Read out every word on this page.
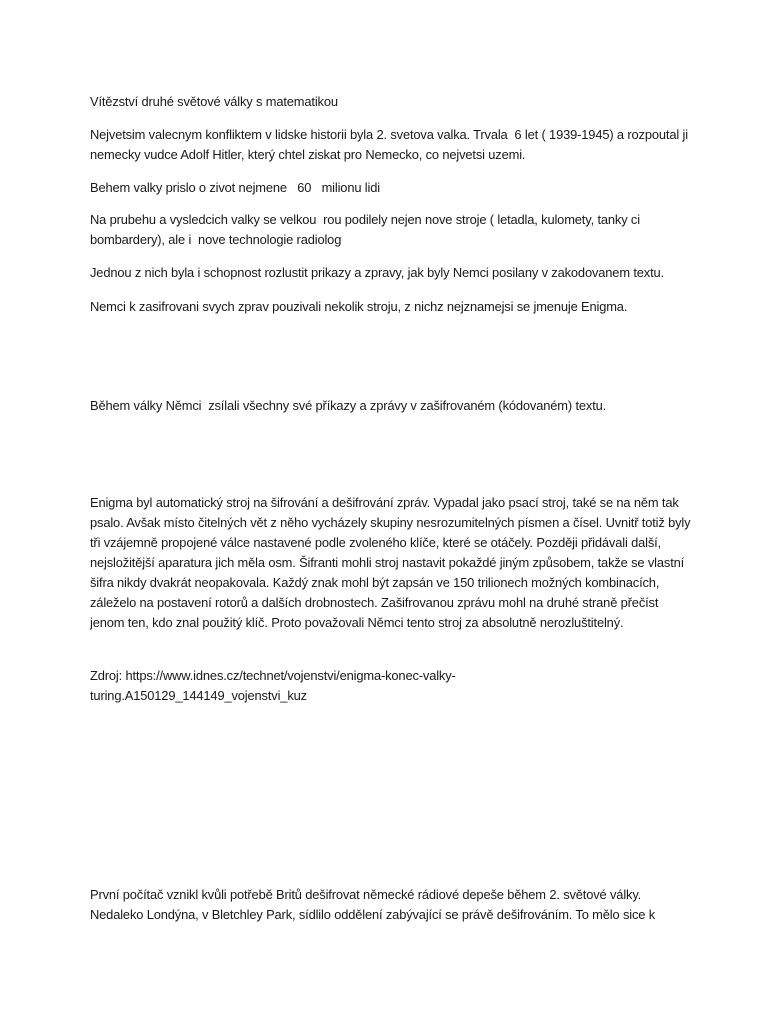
Vítězství druhé světové války s matematikou

Nejvetsim valecnym konfliktem v lidske historii byla 2. svetova valka. Trvala  6 let ( 1939-1945) a rozpoutal ji nemecky vudce Adolf Hitler, který chtel ziskat pro Nemecko, co nejvetsi uzemi.

Behem valky prislo o zivot nejmene   60   milionu lidi

Na prubehu a vysledcich valky se velkou  rou podilely nejen nove stroje ( letadla, kulomety, tanky ci bombardery), ale i  nove technologie radiolog

Jednou z nich byla i schopnost rozlustit prikazy a zpravy, jak byly Nemci posilany v zakodovanem textu.

Nemci k zasifrovani svych zprav pouzivali nekolik stroju, z nichz nejznamejsi se jmenuje Enigma.

Během války Němci  zsílali všechny své příkazy a zprávy v zašifrovaném (kódovaném) textu.

Enigma byl automatický stroj na šifrování a dešifrování zpráv. Vypadal jako psací stroj, také se na něm tak psalo. Avšak místo čitelných vět z něho vycházely skupiny nesrozumitelných písmen a čísel. Uvnitř totiž byly tři vzájemně propojené válce nastavené podle zvoleného klíče, které se otáčely. Později přidávali další, nejsložitější aparatura jich měla osm. Šifranti mohli stroj nastavit pokaždé jiným způsobem, takže se vlastní šifra nikdy dvakrát neopakovala. Každý znak mohl být zapsán ve 150 trilionech možných kombinacích, záleželo na postavení rotorů a dalších drobnostech. Zašifrovanou zprávu mohl na druhé straně přečíst jenom ten, kdo znal použitý klíč. Proto považovali Němci tento stroj za absolutně nerozluštitelný.

Zdroj: https://www.idnes.cz/technet/vojenstvi/enigma-konec-valky-turing.A150129_144149_vojenstvi_kuz

První počítač vznikl kvůli potřebě Britů dešifrovat německé rádiové depeše během 2. světové války. Nedaleko Londýna, v Bletchley Park, sídlilo oddělení zabývající se právě dešifrováním. To mělo sice k
